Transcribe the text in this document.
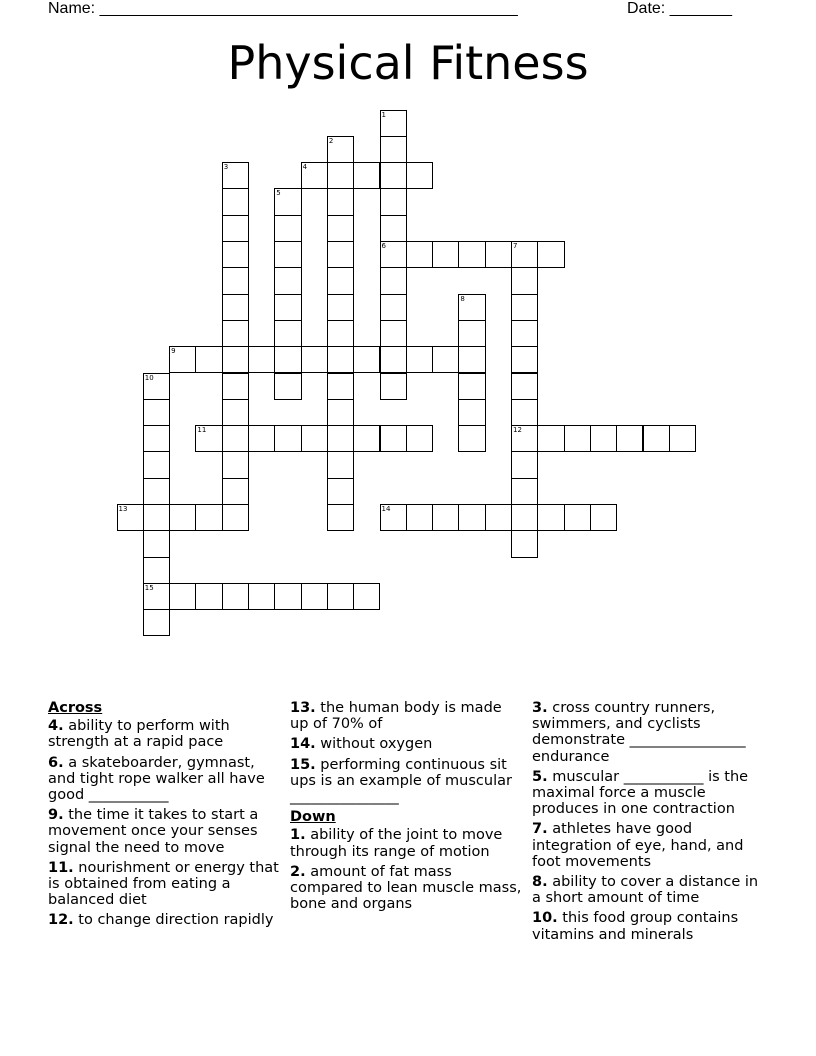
Name: _______________________________________________	Date: _______
Physical Fitness
1
6
2
3	4
5
7
12
8
9
10
15
11
13	14
Across
4. ability to perform with strength at a rapid pace
6. a skateboarder, gymnast, and tight rope walker all have good ___________
9. the time it takes to start a movement once your senses signal the need to move
11. nourishment or energy that is obtained from eating a balanced diet
12. to change direction rapidly
13. the human body is made up of 70% of
14. without oxygen
15. performing continuous sit ups is an example of muscular _______________
Down
1. ability of the joint to move through its range of motion
2. amount of fat mass compared to lean muscle mass, bone and organs
3. cross country runners, swimmers, and cyclists demonstrate ________________ endurance
5. muscular ___________ is the maximal force a muscle produces in one contraction
7. athletes have good integration of eye, hand, and foot movements
8. ability to cover a distance in a short amount of time
10. this food group contains vitamins and minerals
